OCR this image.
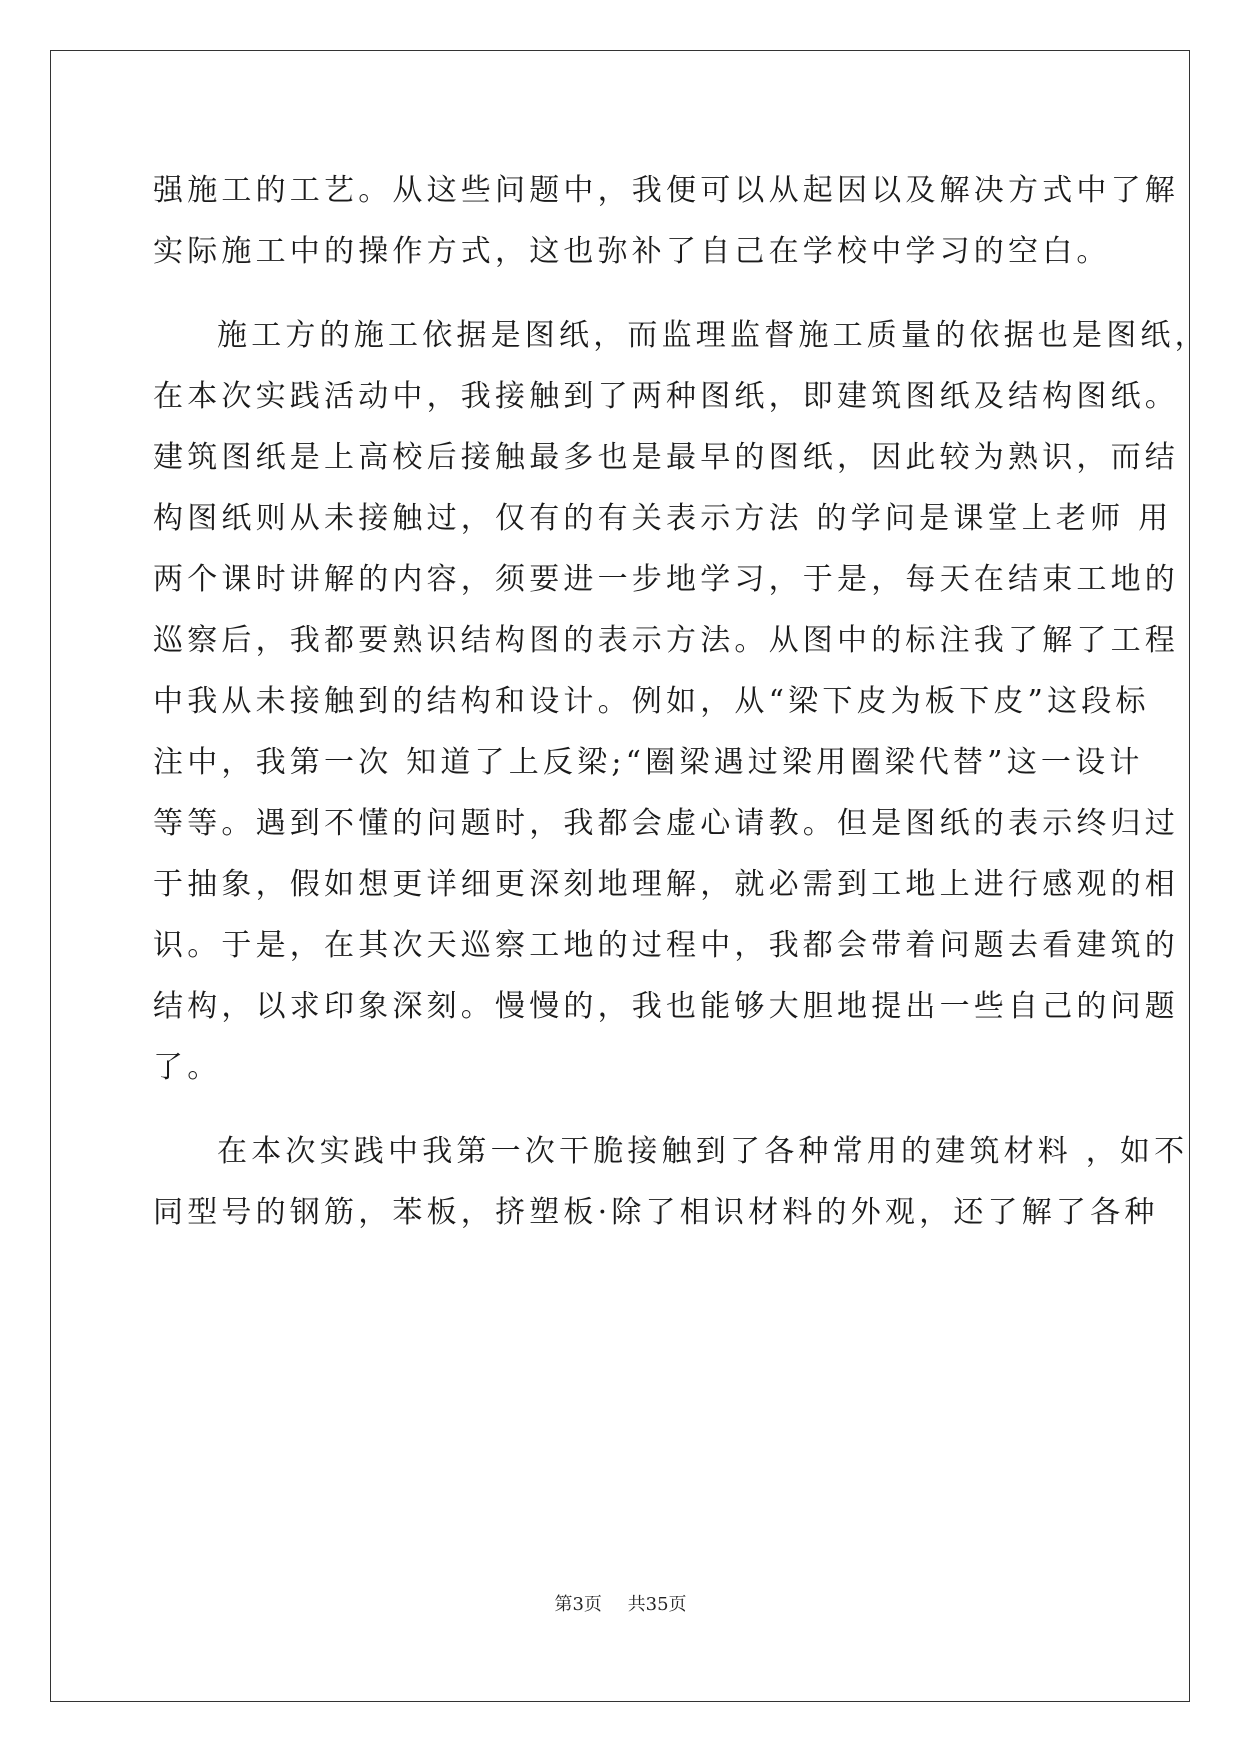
强施工的工艺。从这些问题中，我便可以从起因以及解决方式中了解
实际施工中的操作方式，这也弥补了自己在学校中学习的空白。
施工方的施工依据是图纸，而监理监督施工质量的依据也是图纸，
在本次实践活动中，我接触到了两种图纸，即建筑图纸及结构图纸。
建筑图纸是上高校后接触最多也是最早的图纸，因此较为熟识，而结
构图纸则从未接触过，仅有的有关表示方法 的学问是课堂上老师 用
两个课时讲解的内容，须要进一步地学习，于是，每天在结束工地的
巡察后，我都要熟识结构图的表示方法。从图中的标注我了解了工程
中我从未接触到的结构和设计。例如，从“梁下皮为板下皮”这段标
注中，我第一次 知道了上反梁;“圈梁遇过梁用圈梁代替”这一设计
等等。遇到不懂的问题时，我都会虚心请教。但是图纸的表示终归过
于抽象，假如想更详细更深刻地理解，就必需到工地上进行感观的相
识。于是，在其次天巡察工地的过程中，我都会带着问题去看建筑的
结构，以求印象深刻。慢慢的，我也能够大胆地提出一些自己的问题
了。
在本次实践中我第一次干脆接触到了各种常用的建筑材料 ，如不
同型号的钢筋，苯板，挤塑板·除了相识材料的外观，还了解了各种
第3页 共35页
